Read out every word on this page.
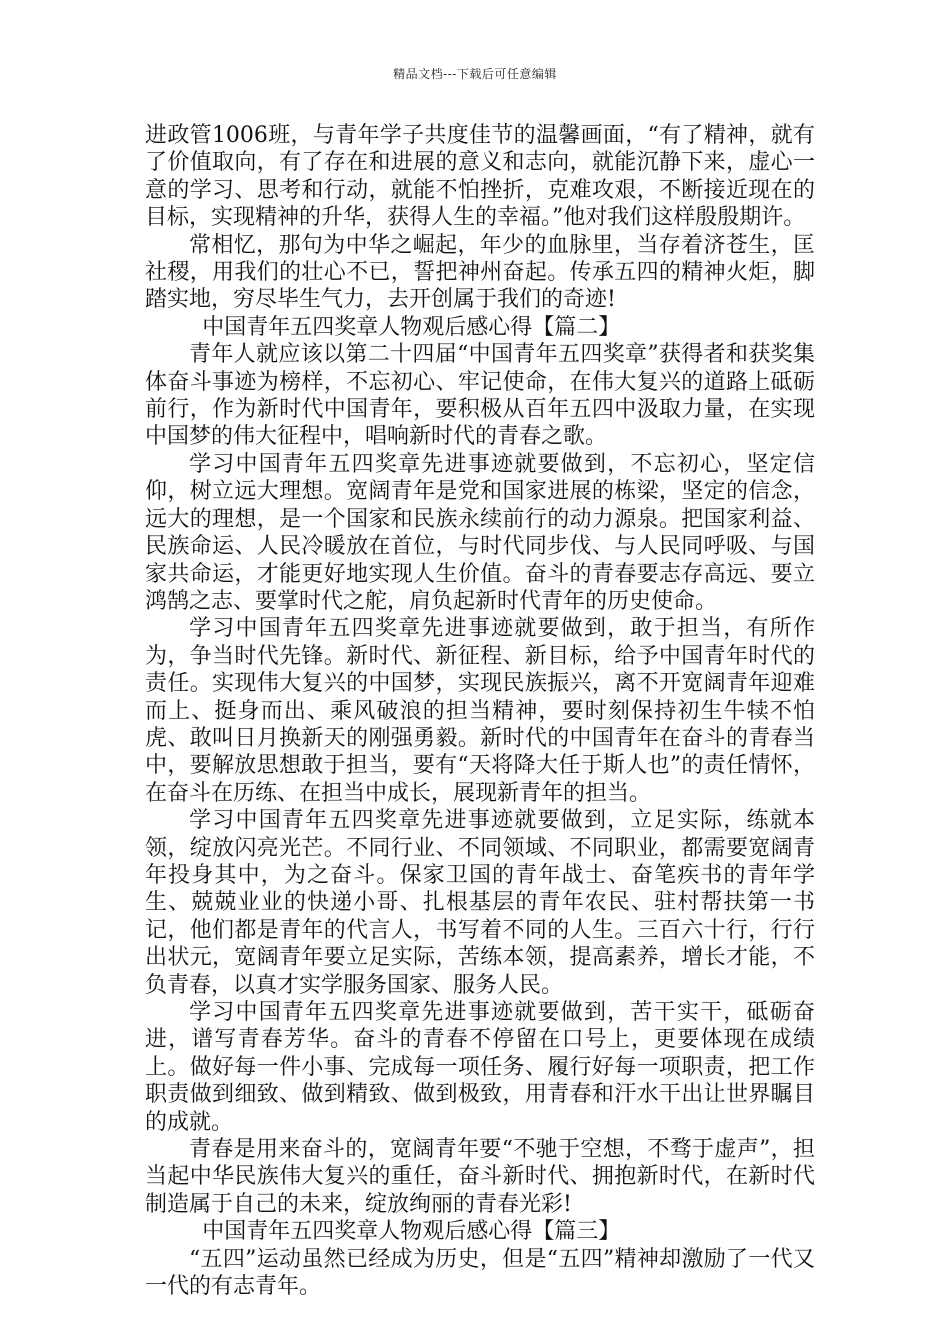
精品文档---下载后可任意编辑

进政管1006班，与青年学子共度佳节的温馨画面，“有了精神，就有了价值取向，有了存在和进展的意义和志向，就能沉静下来，虚心一意的学习、思考和行动，就能不怕挫折，克难攻艰，不断接近现在的目标，实现精神的升华，获得人生的幸福。”他对我们这样殷殷期许。

常相忆，那句为中华之崛起，年少的血脉里，当存着济苍生，匡社稷，用我们的壮心不已，誓把神州奋起。传承五四的精神火炬，脚踏实地，穷尽毕生气力，去开创属于我们的奇迹!

中国青年五四奖章人物观后感心得【篇二】

青年人就应该以第二十四届“中国青年五四奖章”获得者和获奖集体奋斗事迹为榜样，不忘初心、牢记使命，在伟大复兴的道路上砥砺前行，作为新时代中国青年，要积极从百年五四中汲取力量，在实现中国梦的伟大征程中，唱响新时代的青春之歌。

学习中国青年五四奖章先进事迹就要做到，不忘初心，坚定信仰，树立远大理想。宽阔青年是党和国家进展的栋梁，坚定的信念，远大的理想，是一个国家和民族永续前行的动力源泉。把国家利益、民族命运、人民冷暖放在首位，与时代同步伐、与人民同呼吸、与国家共命运，才能更好地实现人生价值。奋斗的青春要志存高远、要立鸿鹄之志、要掌时代之舵，肩负起新时代青年的历史使命。

学习中国青年五四奖章先进事迹就要做到，敢于担当，有所作为，争当时代先锋。新时代、新征程、新目标，给予中国青年时代的责任。实现伟大复兴的中国梦，实现民族振兴，离不开宽阔青年迎难而上、挺身而出、乘风破浪的担当精神，要时刻保持初生牛犊不怕虎、敢叫日月换新天的刚强勇毅。新时代的中国青年在奋斗的青春当中，要解放思想敢于担当，要有“天将降大任于斯人也”的责任情怀，在奋斗在历练、在担当中成长，展现新青年的担当。

学习中国青年五四奖章先进事迹就要做到，立足实际，练就本领，绽放闪亮光芒。不同行业、不同领域、不同职业，都需要宽阔青年投身其中，为之奋斗。保家卫国的青年战士、奋笔疾书的青年学生、兢兢业业的快递小哥、扎根基层的青年农民、驻村帮扶第一书记，他们都是青年的代言人，书写着不同的人生。三百六十行，行行出状元，宽阔青年要立足实际，苦练本领，提高素养，增长才能，不负青春，以真才实学服务国家、服务人民。

学习中国青年五四奖章先进事迹就要做到，苦干实干，砥砺奋进，谱写青春芳华。奋斗的青春不停留在口号上，更要体现在成绩上。做好每一件小事、完成每一项任务、履行好每一项职责，把工作职责做到细致、做到精致、做到极致，用青春和汗水干出让世界瞩目的成就。

青春是用来奋斗的，宽阔青年要“不驰于空想，不骛于虚声”，担当起中华民族伟大复兴的重任，奋斗新时代、拥抱新时代，在新时代制造属于自己的未来，绽放绚丽的青春光彩!

中国青年五四奖章人物观后感心得【篇三】

“五四”运动虽然已经成为历史，但是“五四”精神却激励了一代又一代的有志青年。
